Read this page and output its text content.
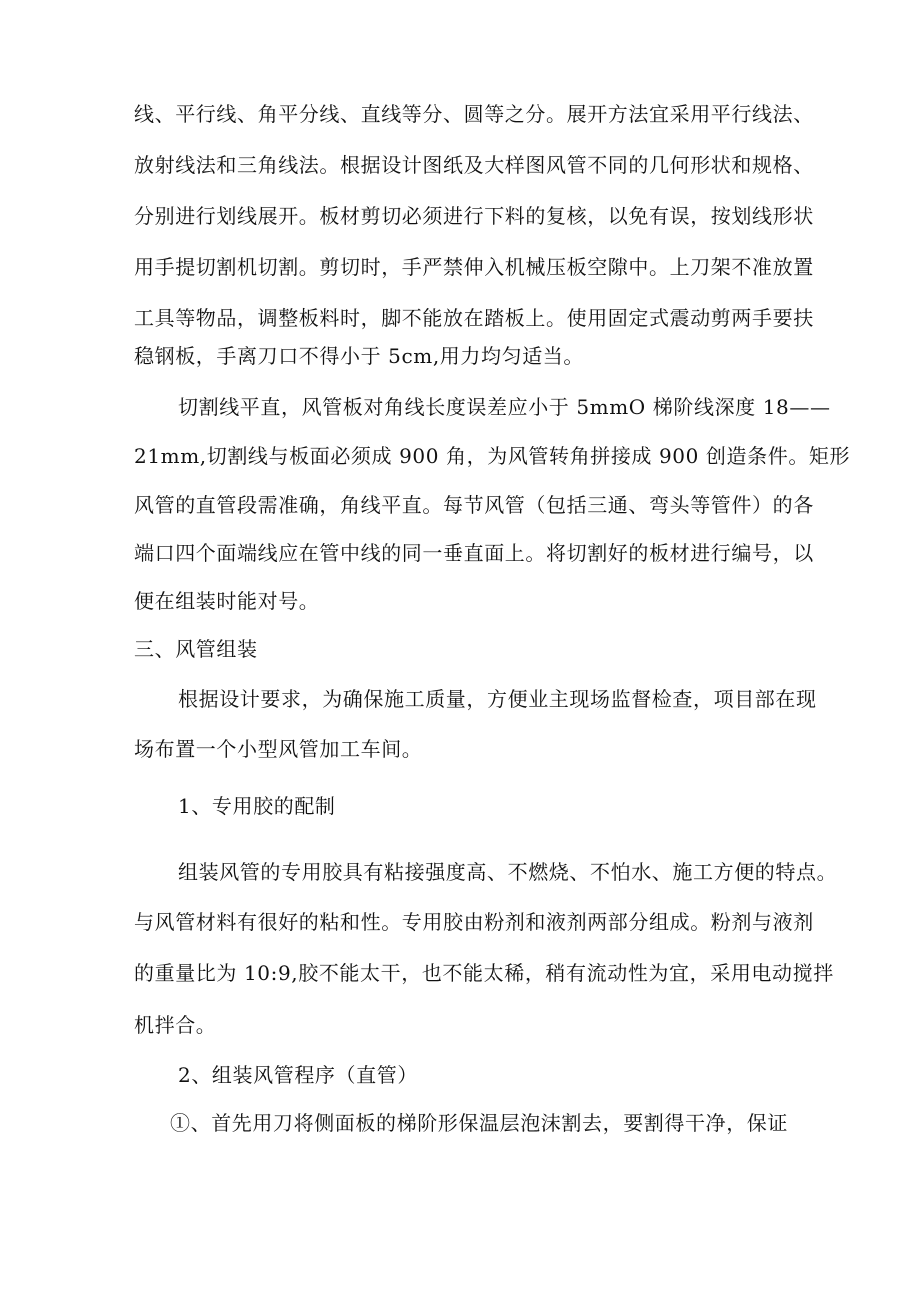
线、平行线、角平分线、直线等分、圆等之分。展开方法宜采用平行线法、
放射线法和三角线法。根据设计图纸及大样图风管不同的几何形状和规格、
分别进行划线展开。板材剪切必须进行下料的复核，以免有误，按划线形状
用手提切割机切割。剪切时，手严禁伸入机械压板空隙中。上刀架不准放置
工具等物品，调整板料时，脚不能放在踏板上。使用固定式震动剪两手要扶
稳钢板，手离刀口不得小于 5cm,用力均匀适当。
切割线平直，风管板对角线长度误差应小于 5mmO 梯阶线深度 18——
21mm,切割线与板面必须成 900 角，为风管转角拼接成 900 创造条件。矩形
风管的直管段需准确，角线平直。每节风管（包括三通、弯头等管件）的各
端口四个面端线应在管中线的同一垂直面上。将切割好的板材进行编号，以
便在组装时能对号。
三、风管组装
根据设计要求，为确保施工质量，方便业主现场监督检查，项目部在现
场布置一个小型风管加工车间。
1、专用胶的配制
组装风管的专用胶具有粘接强度高、不燃烧、不怕水、施工方便的特点。
与风管材料有很好的粘和性。专用胶由粉剂和液剂两部分组成。粉剂与液剂
的重量比为 10:9,胶不能太干，也不能太稀，稍有流动性为宜，采用电动搅拌
机拌合。
2、组装风管程序（直管）
①、首先用刀将侧面板的梯阶形保温层泡沫割去，要割得干净，保证
